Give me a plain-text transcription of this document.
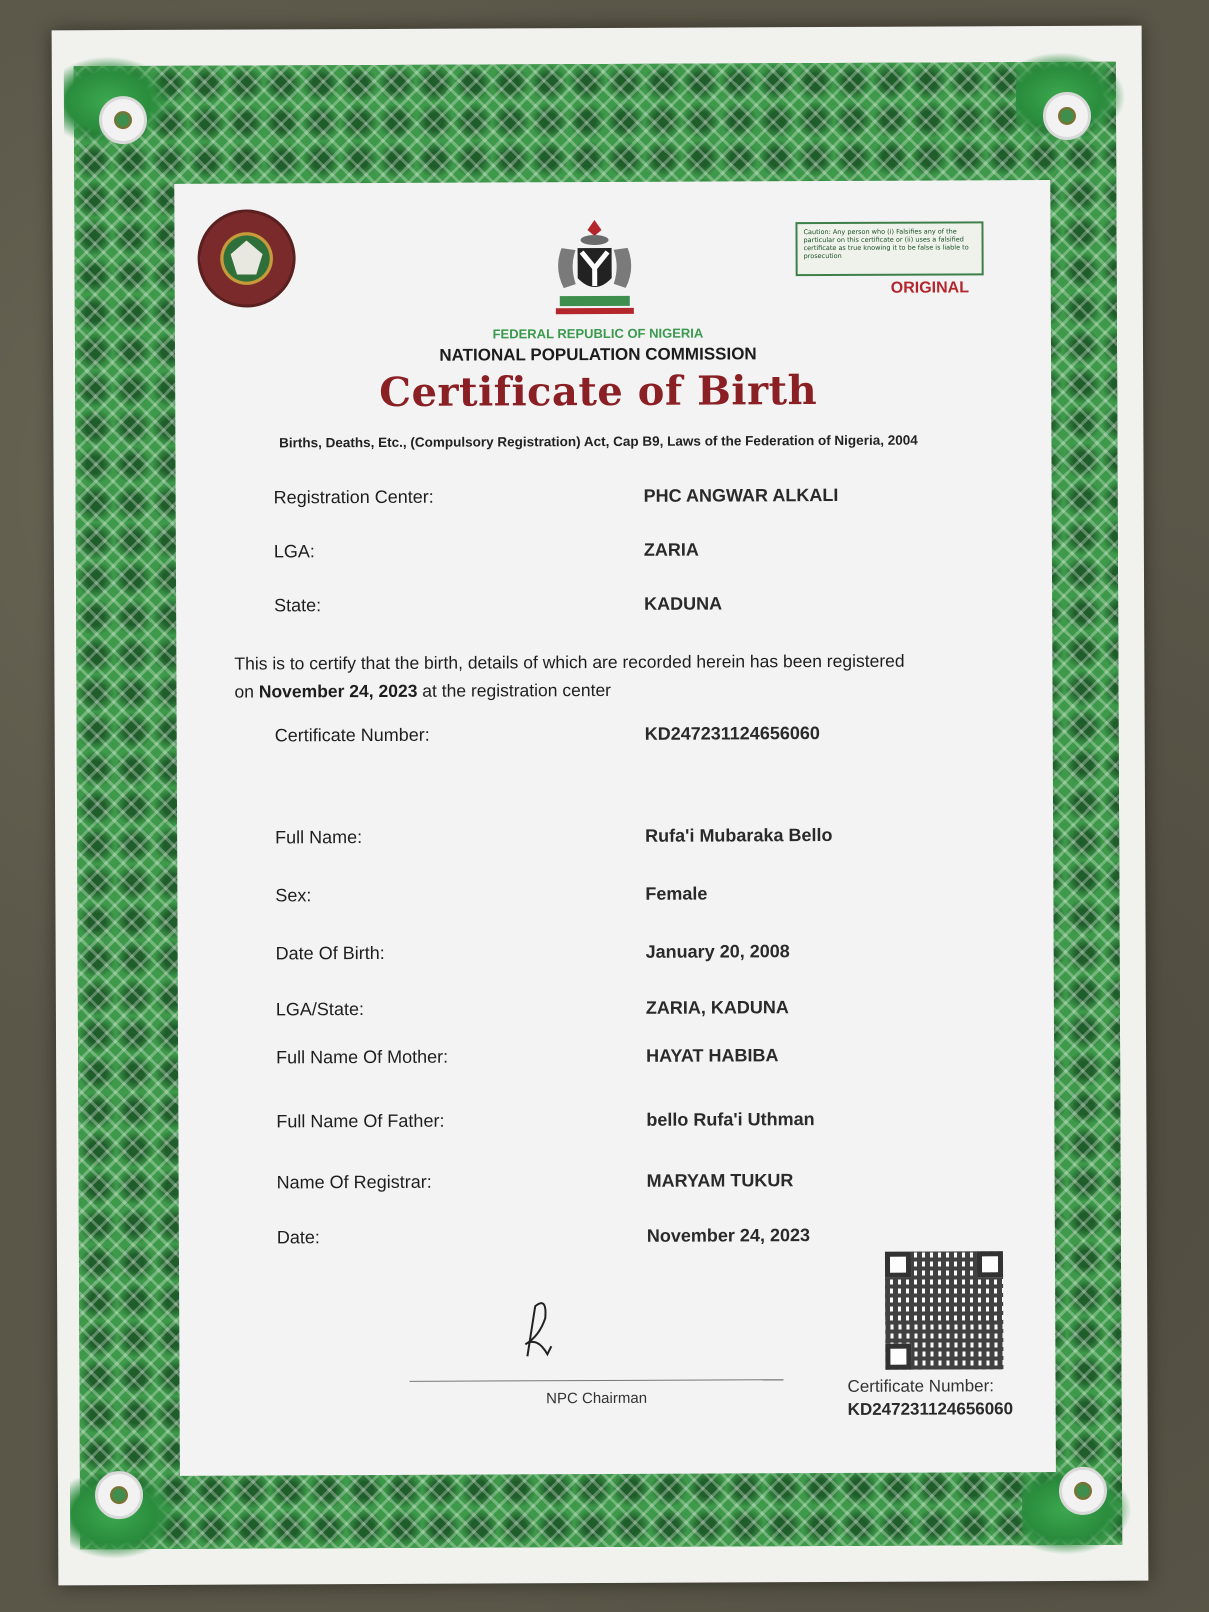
Caution: Any person who (i) Falsifies any of the particular on this certificate or (ii) uses a falsified certificate as true knowing it to be false is liable to prosecution
ORIGINAL
FEDERAL REPUBLIC OF NIGERIA
NATIONAL POPULATION COMMISSION
Certificate of Birth
Births, Deaths, Etc., (Compulsory Registration) Act, Cap B9, Laws of the Federation of Nigeria, 2004
Registration Center:	PHC ANGWAR ALKALI
LGA:	ZARIA
State:	KADUNA
This is to certify that the birth, details of which are recorded herein has been registered on November 24, 2023 at the registration center
Certificate Number:	KD247231124656060
Full Name:	Rufa'i Mubaraka Bello
Sex:	Female
Date Of Birth:	January 20, 2008
LGA/State:	ZARIA, KADUNA
Full Name Of Mother:	HAYAT HABIBA
Full Name Of Father:	bello Rufa'i Uthman
Name Of Registrar:	MARYAM TUKUR
Date:	November 24, 2023
NPC Chairman
Certificate Number:
KD247231124656060
